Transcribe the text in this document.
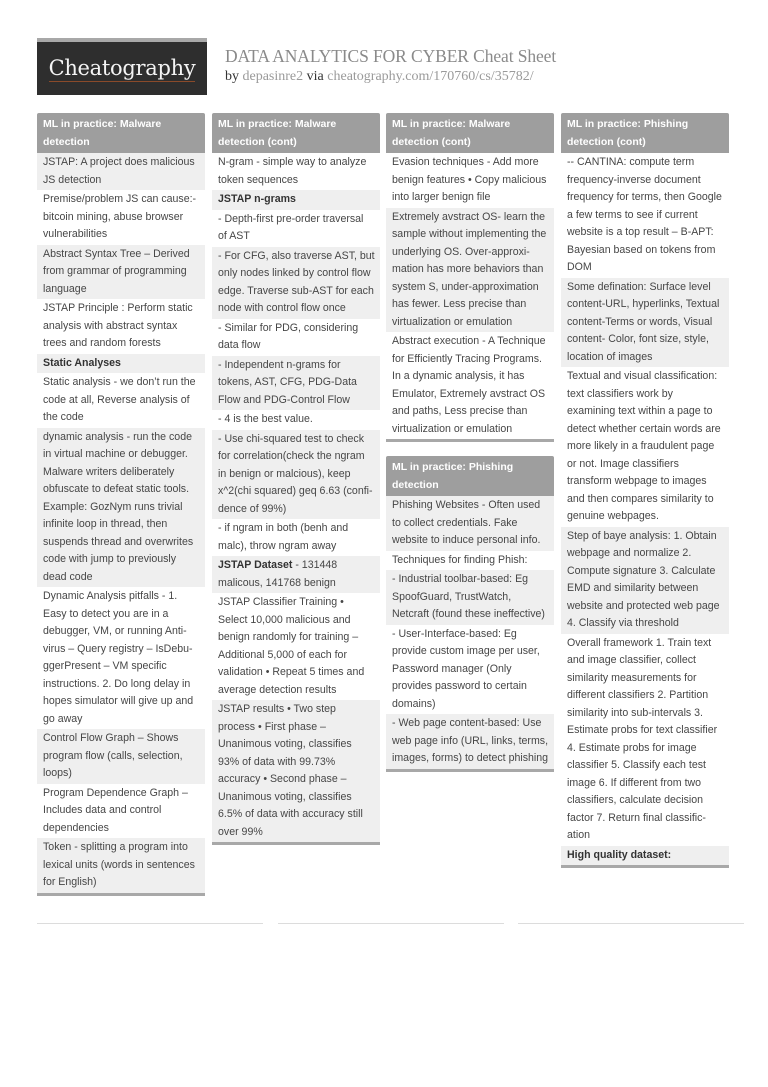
Cheatography DATA ANALYTICS FOR CYBER Cheat Sheet
by depasinre2 via cheatography.com/170760/cs/35782/
ML in practice: Malware detection
JSTAP: A project does malicious JS detection
Premise/problem JS can cause:- bitcoin mining, abuse browser vulnerabilities
Abstract Syntax Tree – Derived from grammar of programming language
JSTAP Principle : Perform static analysis with abstract syntax trees and random forests
Static Analyses
Static analysis - we don’t run the code at all, Reverse analysis of the code
dynamic analysis - run the code in virtual machine or debugger. Malware writers deliberately obfuscate to defeat static tools. Example: GozNym runs trivial infinite loop in thread, then suspends thread and overwrites code with jump to previously dead code
Dynamic Analysis pitfalls - 1. Easy to detect you are in a debugger, VM, or running Antivirus – Query registry – IsDebuggerPresent – VM specific instructions. 2. Do long delay in hopes simulator will give up and go away
Control Flow Graph – Shows program flow (calls, selection, loops)
Program Dependence Graph – Includes data and control dependencies
Token - splitting a program into lexical units (words in sentences for English)
ML in practice: Malware detection (cont)
N-gram - simple way to analyze token sequences
JSTAP n-grams
- Depth-first pre-order traversal of AST
- For CFG, also traverse AST, but only nodes linked by control flow edge. Traverse sub-AST for each node with control flow once
- Similar for PDG, considering data flow
- Independent n-grams for tokens, AST, CFG, PDG-Data Flow and PDG-Control Flow
- 4 is the best value.
- Use chi-squared test to check for correlation(check the ngram in benign or malcious), keep x^2(chi squared) geq 6.63 (confidence of 99%)
- if ngram in both (benh and malc), throw ngram away
JSTAP Dataset - 131448 malicous, 141768 benign
JSTAP Classifier Training • Select 10,000 malicious and benign randomly for training – Additional 5,000 of each for validation • Repeat 5 times and average detection results
JSTAP results • Two step process • First phase – Unanimous voting, classifies 93% of data with 99.73% accuracy • Second phase – Unanimous voting, classifies 6.5% of data with accuracy still over 99%
ML in practice: Malware detection (cont)
Evasion techniques - Add more benign features • Copy malicious into larger benign file
Extremely avstract OS- learn the sample without implementing the underlying OS. Over-approximation has more behaviors than system S, under-approximation has fewer. Less precise than virtualization or emulation
Abstract execution - A Technique for Efficiently Tracing Programs. In a dynamic analysis, it has Emulator, Extremely avstract OS and paths, Less precise than virtualization or emulation
ML in practice: Phishing detection
Phishing Websites - Often used to collect credentials. Fake website to induce personal info.
Techniques for finding Phish:
- Industrial toolbar-based: Eg SpoofGuard, TrustWatch, Netcraft (found these ineffective)
- User-Interface-based: Eg provide custom image per user, Password manager (Only provides password to certain domains)
- Web page content-based: Use web page info (URL, links, terms, images, forms) to detect phishing
ML in practice: Phishing detection (cont)
-- CANTINA: compute term frequency-inverse document frequency for terms, then Google a few terms to see if current website is a top result – B-APT: Bayesian based on tokens from DOM
Some defination: Surface level content-URL, hyperlinks, Textual content-Terms or words, Visual content- Color, font size, style, location of images
Textual and visual classification: text classifiers work by examining text within a page to detect whether certain words are more likely in a fraudulent page or not. Image classifiers transform webpage to images and then compares similarity to genuine webpages.
Step of baye analysis: 1. Obtain webpage and normalize 2. Compute signature 3. Calculate EMD and similarity between website and protected web page 4. Classify via threshold
Overall framework 1. Train text and image classifier, collect similarity measurements for different classifiers 2. Partition similarity into sub-intervals 3. Estimate probs for text classifier 4. Estimate probs for image classifier 5. Classify each test image 6. If different from two classifiers, calculate decision factor 7. Return final classification
High quality dataset:
